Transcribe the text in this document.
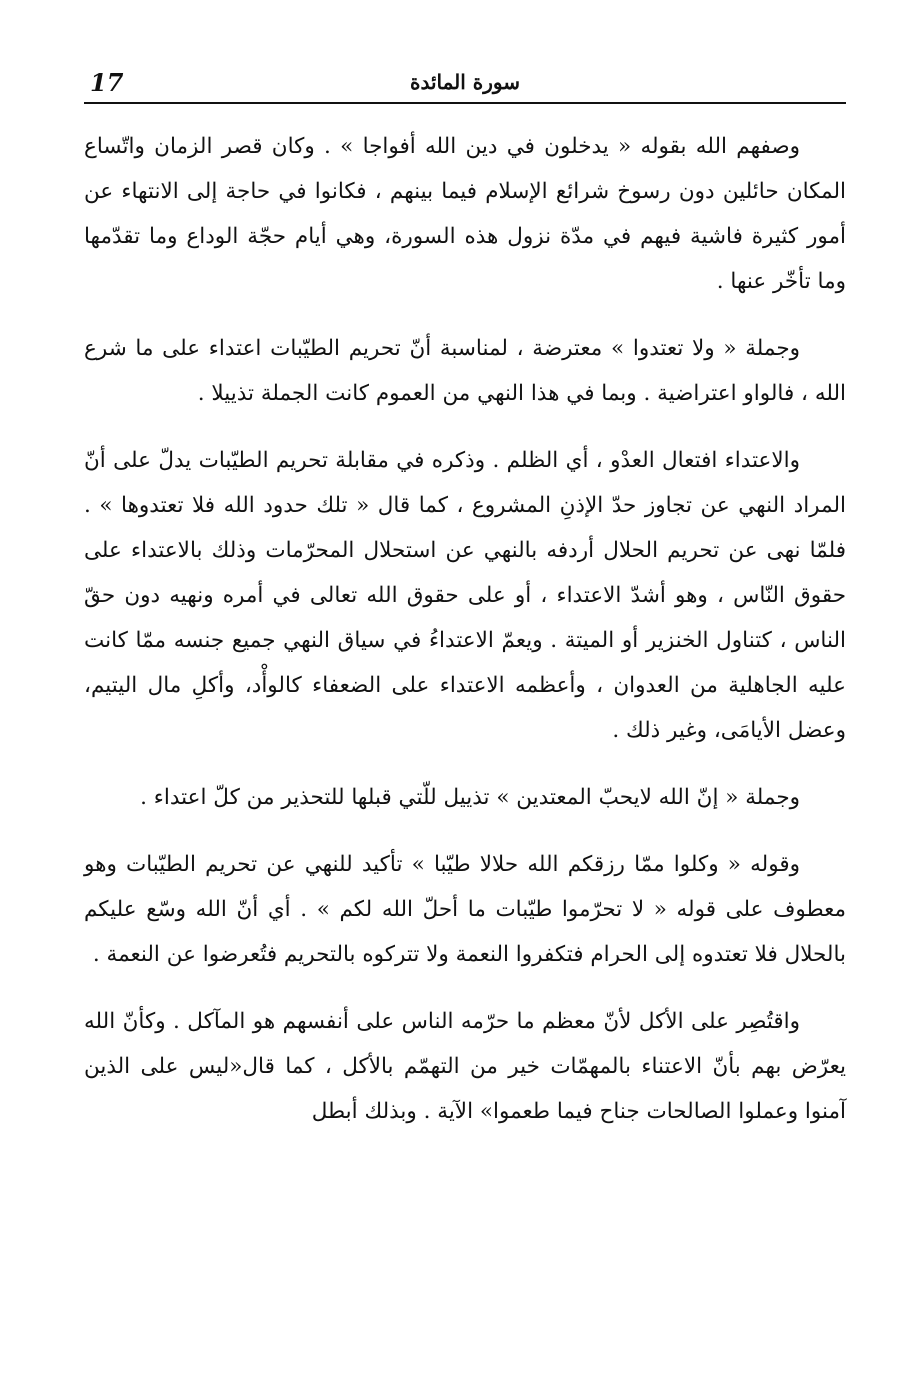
17	سورة المائدة

وصفهم الله بقوله « يدخلون في دين الله أفواجا » . وكان قصر الزمان واتّساع المكان حائلين دون رسوخ شرائع الإسلام فيما بينهم ، فكانوا في حاجة إلى الانتهاء عن أمور كثيرة فاشية فيهم في مدّة نزول هذه السورة، وهي أيام حجّة الوداع وما تقدّمها وما تأخّر عنها .

وجملة « ولا تعتدوا » معترضة ، لمناسبة أنّ تحريم الطيّبات اعتداء على ما شرع الله ، فالواو اعتراضية . وبما في هذا النهي من العموم كانت الجملة تذييلا .

والاعتداء افتعال العدْو ، أي الظلم . وذكره في مقابلة تحريم الطيّبات يدلّ على أنّ المراد النهي عن تجاوز حدّ الإذنِ المشروع ، كما قال « تلك حدود الله فلا تعتدوها » . فلمّا نهى عن تحريم الحلال أردفه بالنهي عن استحلال المحرّمات وذلك بالاعتداء على حقوق النّاس ، وهو أشدّ الاعتداء ، أو على حقوق الله تعالى في أمره ونهيه دون حقّ الناس ، كتناول الخنزير أو الميتة . ويعمّ الاعتداءُ في سياق النهي جميع جنسه ممّا كانت عليه الجاهلية من العدوان ، وأعظمه الاعتداء على الضعفاء كالوأْد، وأكلِ مال اليتيم، وعضل الأيامَى، وغير ذلك .

وجملة « إنّ الله لايحبّ المعتدين » تذييل للّتي قبلها للتحذير من كلّ اعتداء .

وقوله « وكلوا ممّا رزقكم الله حلالا طيّبا » تأكيد للنهي عن تحريم الطيّبات وهو معطوف على قوله « لا تحرّموا طيّبات ما أحلّ الله لكم » . أي أنّ الله وسّع عليكم بالحلال فلا تعتدوه إلى الحرام فتكفروا النعمة ولا تتركوه بالتحريم فتُعرضوا عن النعمة .

واقتُصِر على الأكل لأنّ معظم ما حرّمه الناس على أنفسهم هو المآكل . وكأنّ الله يعرّض بهم بأنّ الاعتناء بالمهمّات خير من التهمّم بالأكل ، كما قال«ليس على الذين آمنوا وعملوا الصالحات جناح فيما طعموا» الآية . وبذلك أبطل
